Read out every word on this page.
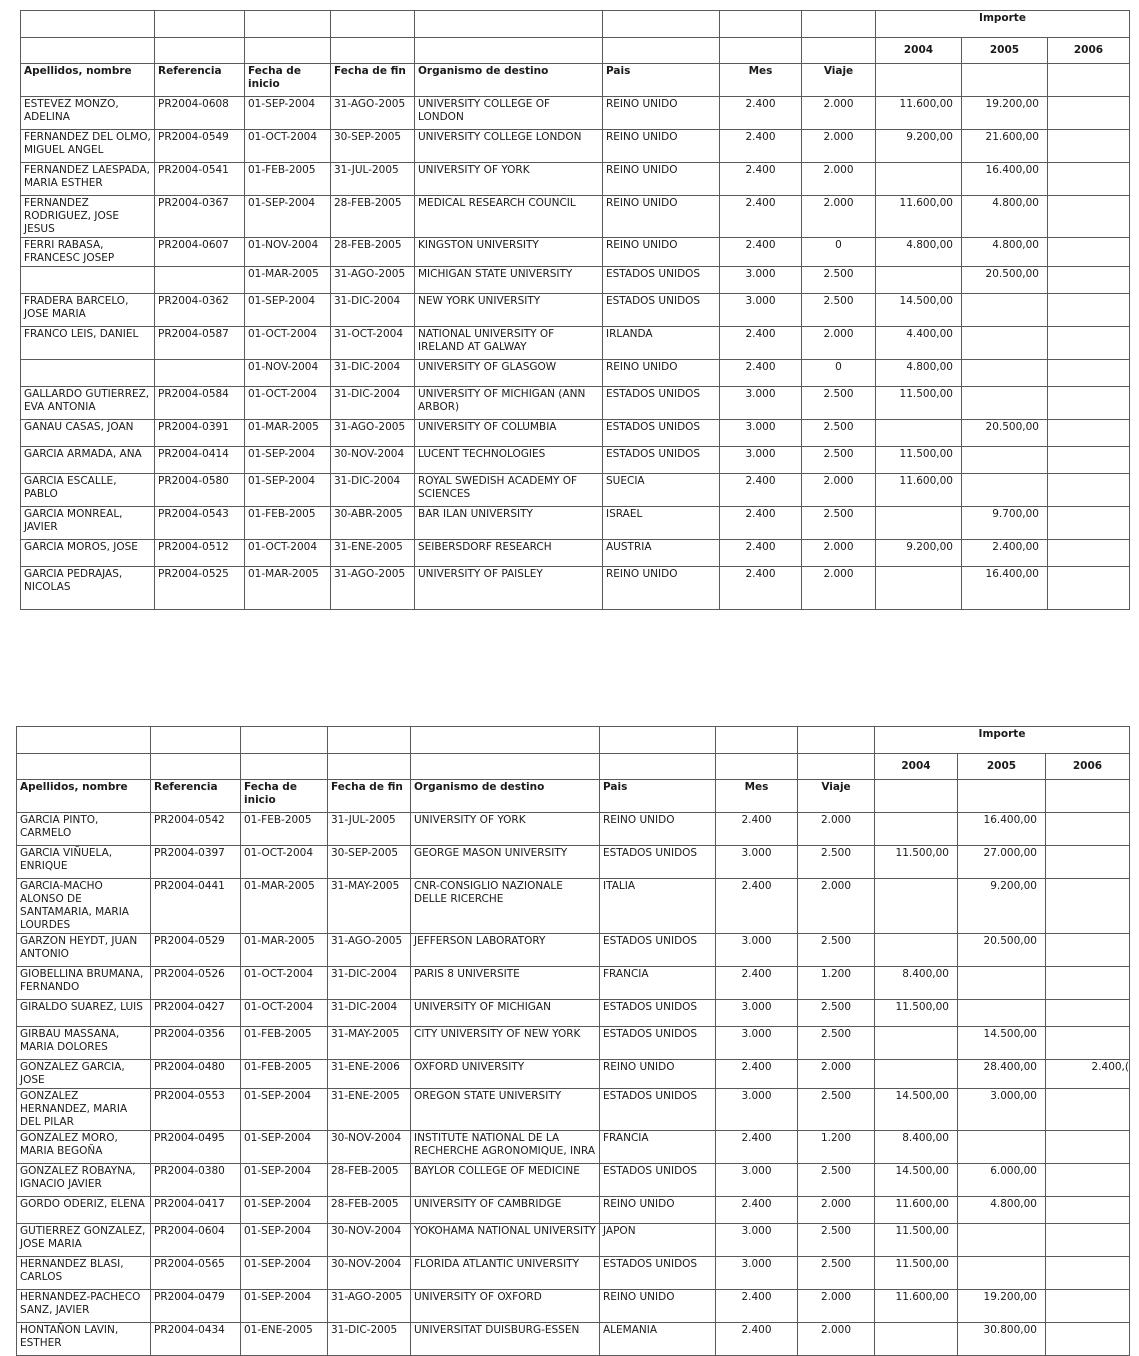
								Importe		
								2004	2005	2006
Apellidos, nombre	Referencia	Fecha de inicio	Fecha de fin	Organismo de destino	Pais	Mes	Viaje			
ESTEVEZ MONZO, ADELINA	PR2004-0608	01-SEP-2004	31-AGO-2005	UNIVERSITY COLLEGE OF LONDON	REINO UNIDO	2.400	2.000	11.600,00	19.200,00	
FERNANDEZ DEL OLMO, MIGUEL ANGEL	PR2004-0549	01-OCT-2004	30-SEP-2005	UNIVERSITY COLLEGE LONDON	REINO UNIDO	2.400	2.000	9.200,00	21.600,00	
FERNANDEZ LAESPADA, MARIA ESTHER	PR2004-0541	01-FEB-2005	31-JUL-2005	UNIVERSITY OF YORK	REINO UNIDO	2.400	2.000		16.400,00	
FERNANDEZ RODRIGUEZ, JOSE JESUS	PR2004-0367	01-SEP-2004	28-FEB-2005	MEDICAL RESEARCH COUNCIL	REINO UNIDO	2.400	2.000	11.600,00	4.800,00	
FERRI RABASA, FRANCESC JOSEP	PR2004-0607	01-NOV-2004	28-FEB-2005	KINGSTON UNIVERSITY	REINO UNIDO	2.400	0	4.800,00	4.800,00	
		01-MAR-2005	31-AGO-2005	MICHIGAN STATE UNIVERSITY	ESTADOS UNIDOS	3.000	2.500		20.500,00	
FRADERA BARCELO, JOSE MARIA	PR2004-0362	01-SEP-2004	31-DIC-2004	NEW YORK UNIVERSITY	ESTADOS UNIDOS	3.000	2.500	14.500,00		
FRANCO LEIS, DANIEL	PR2004-0587	01-OCT-2004	31-OCT-2004	NATIONAL UNIVERSITY OF IRELAND AT GALWAY	IRLANDA	2.400	2.000	4.400,00		
		01-NOV-2004	31-DIC-2004	UNIVERSITY OF GLASGOW	REINO UNIDO	2.400	0	4.800,00		
GALLARDO GUTIERREZ, EVA ANTONIA	PR2004-0584	01-OCT-2004	31-DIC-2004	UNIVERSITY OF MICHIGAN (ANN ARBOR)	ESTADOS UNIDOS	3.000	2.500	11.500,00		
GANAU CASAS, JOAN	PR2004-0391	01-MAR-2005	31-AGO-2005	UNIVERSITY OF COLUMBIA	ESTADOS UNIDOS	3.000	2.500		20.500,00	
GARCIA ARMADA, ANA	PR2004-0414	01-SEP-2004	30-NOV-2004	LUCENT TECHNOLOGIES	ESTADOS UNIDOS	3.000	2.500	11.500,00		
GARCIA ESCALLE, PABLO	PR2004-0580	01-SEP-2004	31-DIC-2004	ROYAL SWEDISH ACADEMY OF SCIENCES	SUECIA	2.400	2.000	11.600,00		
GARCIA MONREAL, JAVIER	PR2004-0543	01-FEB-2005	30-ABR-2005	BAR ILAN UNIVERSITY	ISRAEL	2.400	2.500		9.700,00	
GARCIA MOROS, JOSE	PR2004-0512	01-OCT-2004	31-ENE-2005	SEIBERSDORF RESEARCH	AUSTRIA	2.400	2.000	9.200,00	2.400,00	
GARCIA PEDRAJAS, NICOLAS	PR2004-0525	01-MAR-2005	31-AGO-2005	UNIVERSITY OF PAISLEY	REINO UNIDO	2.400	2.000		16.400,00	
								Importe		
								2004	2005	2006
Apellidos, nombre	Referencia	Fecha de inicio	Fecha de fin	Organismo de destino	Pais	Mes	Viaje			
GARCIA PINTO, CARMELO	PR2004-0542	01-FEB-2005	31-JUL-2005	UNIVERSITY OF YORK	REINO UNIDO	2.400	2.000		16.400,00	
GARCIA VIÑUELA, ENRIQUE	PR2004-0397	01-OCT-2004	30-SEP-2005	GEORGE MASON UNIVERSITY	ESTADOS UNIDOS	3.000	2.500	11.500,00	27.000,00	
GARCIA-MACHO ALONSO DE SANTAMARIA, MARIA LOURDES	PR2004-0441	01-MAR-2005	31-MAY-2005	CNR-CONSIGLIO NAZIONALE DELLE RICERCHE	ITALIA	2.400	2.000		9.200,00	
GARZON HEYDT, JUAN ANTONIO	PR2004-0529	01-MAR-2005	31-AGO-2005	JEFFERSON LABORATORY	ESTADOS UNIDOS	3.000	2.500		20.500,00	
GIOBELLINA BRUMANA, FERNANDO	PR2004-0526	01-OCT-2004	31-DIC-2004	PARIS 8 UNIVERSITE	FRANCIA	2.400	1.200	8.400,00		
GIRALDO SUAREZ, LUIS	PR2004-0427	01-OCT-2004	31-DIC-2004	UNIVERSITY OF MICHIGAN	ESTADOS UNIDOS	3.000	2.500	11.500,00		
GIRBAU MASSANA, MARIA DOLORES	PR2004-0356	01-FEB-2005	31-MAY-2005	CITY UNIVERSITY OF NEW YORK	ESTADOS UNIDOS	3.000	2.500		14.500,00	
GONZALEZ GARCIA, JOSE	PR2004-0480	01-FEB-2005	31-ENE-2006	OXFORD UNIVERSITY	REINO UNIDO	2.400	2.000		28.400,00	2.400,(
GONZALEZ HERNANDEZ, MARIA DEL PILAR	PR2004-0553	01-SEP-2004	31-ENE-2005	OREGON STATE UNIVERSITY	ESTADOS UNIDOS	3.000	2.500	14.500,00	3.000,00	
GONZALEZ MORO, MARIA BEGOÑA	PR2004-0495	01-SEP-2004	30-NOV-2004	INSTITUTE NATIONAL DE LA RECHERCHE AGRONOMIQUE, INRA	FRANCIA	2.400	1.200	8.400,00		
GONZALEZ ROBAYNA, IGNACIO JAVIER	PR2004-0380	01-SEP-2004	28-FEB-2005	BAYLOR COLLEGE OF MEDICINE	ESTADOS UNIDOS	3.000	2.500	14.500,00	6.000,00	
GORDO ODERIZ, ELENA	PR2004-0417	01-SEP-2004	28-FEB-2005	UNIVERSITY OF CAMBRIDGE	REINO UNIDO	2.400	2.000	11.600,00	4.800,00	
GUTIERREZ GONZALEZ, JOSE MARIA	PR2004-0604	01-SEP-2004	30-NOV-2004	YOKOHAMA NATIONAL UNIVERSITY	JAPON	3.000	2.500	11.500,00		
HERNANDEZ BLASI, CARLOS	PR2004-0565	01-SEP-2004	30-NOV-2004	FLORIDA ATLANTIC UNIVERSITY	ESTADOS UNIDOS	3.000	2.500	11.500,00		
HERNANDEZ-PACHECO SANZ, JAVIER	PR2004-0479	01-SEP-2004	31-AGO-2005	UNIVERSITY OF OXFORD	REINO UNIDO	2.400	2.000	11.600,00	19.200,00	
HONTAÑON LAVIN, ESTHER	PR2004-0434	01-ENE-2005	31-DIC-2005	UNIVERSITAT DUISBURG-ESSEN	ALEMANIA	2.400	2.000		30.800,00	
